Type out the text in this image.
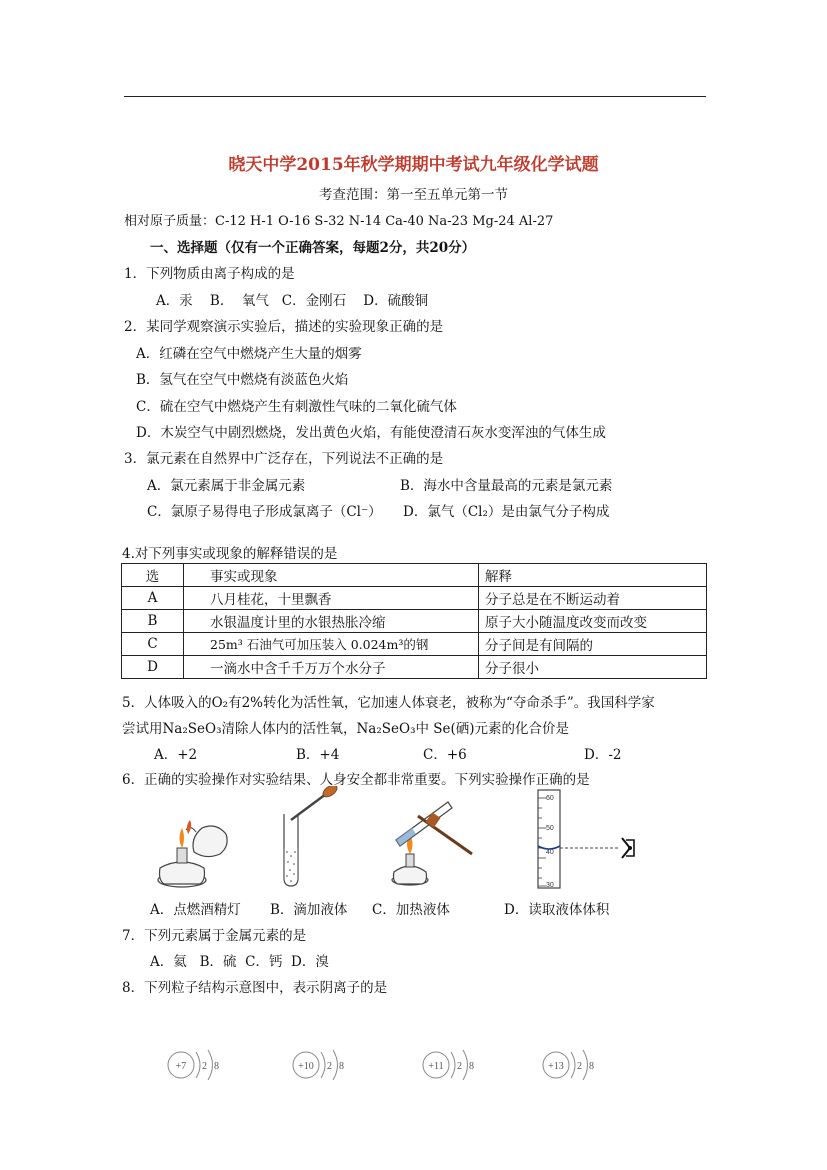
晓天中学2015年秋学期期中考试九年级化学试题
考查范围：第一至五单元第一节
相对原子质量：C-12 H-1 O-16 S-32 N-14 Ca-40 Na-23 Mg-24 Al-27
一、选择题（仅有一个正确答案，每题2分，共20分）
1．下列物质由离子构成的是
A．汞    B．  氧气   C．金刚石    D．硫酸铜
2．某同学观察演示实验后，描述的实验现象正确的是
A．红磷在空气中燃烧产生大量的烟雾
B．氢气在空气中燃烧有淡蓝色火焰
C．硫在空气中燃烧产生有刺激性气味的二氧化硫气体
D．木炭空气中剧烈燃烧，发出黄色火焰，有能使澄清石灰水变浑浊的气体生成
3．氯元素在自然界中广泛存在，下列说法不正确的是
A．氯元素属于非金属元素	B．海水中含量最高的元素是氯元素
C．氯原子易得电子形成氯离子（Cl⁻） D．氯气（Cl₂）是由氯气分子构成
4.对下列事实或现象的解释错误的是
选	事实或现象	解释
A	八月桂花，十里飘香	分子总是在不断运动着
B	水银温度计里的水银热胀冷缩	原子大小随温度改变而改变
C	25m³ 石油气可加压装入 0.024m³的钢	分子间是有间隔的
D	一滴水中含千千万万个水分子	分子很小
5．人体吸入的O₂有2%转化为活性氧，它加速人体衰老，被称为“夺命杀手”。我国科学家
尝试用Na₂SeO₃清除人体内的活性氧，Na₂SeO₃中 Se(硒)元素的化合价是
A．+2	B．+4	C．+6	D．-2
6．正确的实验操作对实验结果、人身安全都非常重要。下列实验操作正确的是
60
50
40
30
A．点燃酒精灯 B．滴加液体 C．加热液体	D．读取液体体积
7．下列元素属于金属元素的是
A．氦   B．硫  C．钙  D．溴
8．下列粒子结构示意图中，表示阴离子的是
+7 2 8	+10 2 8	+11 2 8	+13 2 8
